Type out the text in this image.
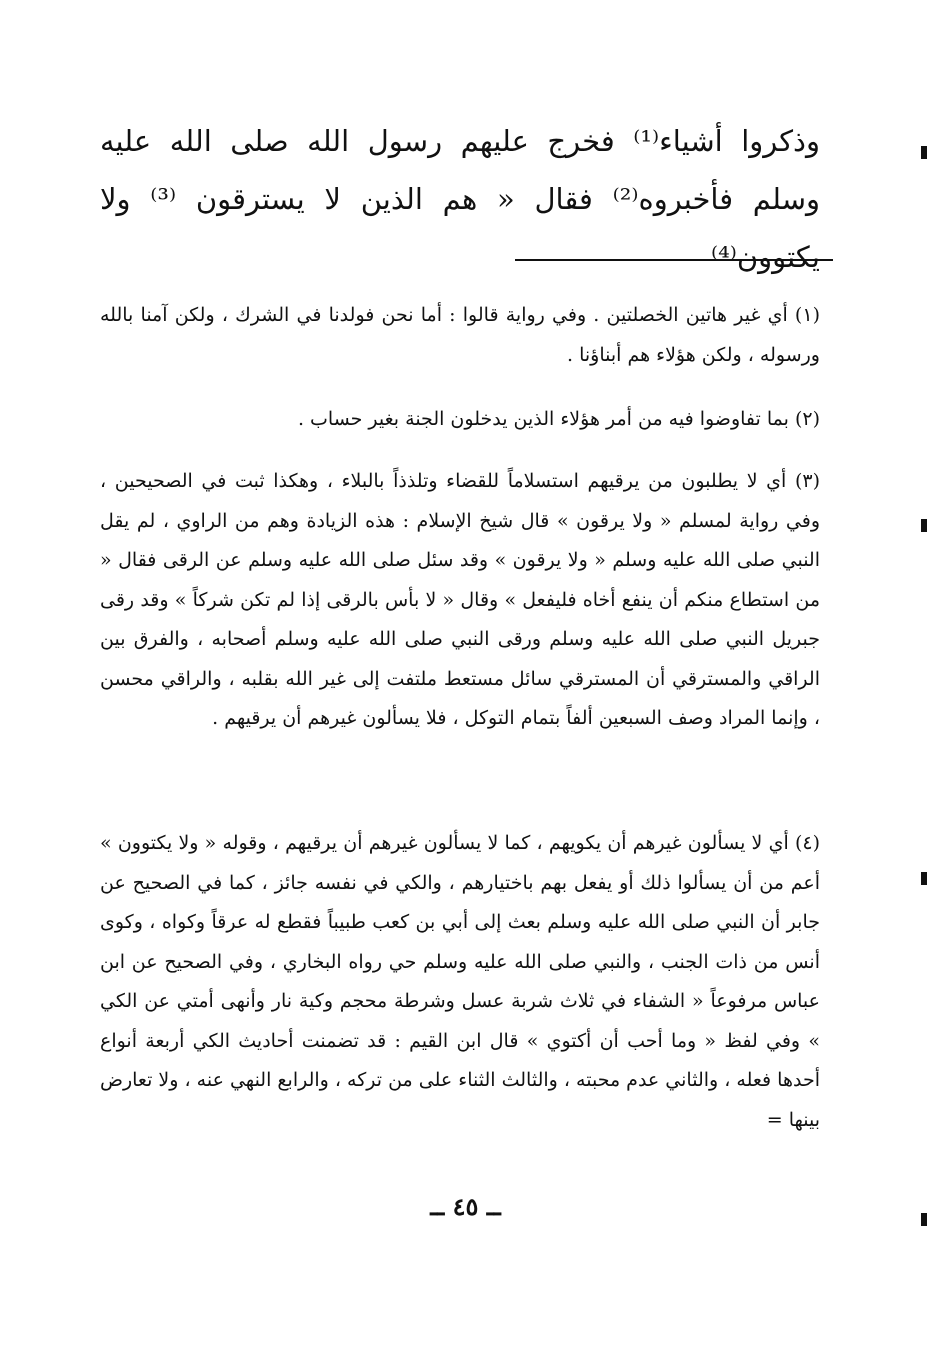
وذكروا أشياء⁽¹⁾ فخرج عليهم رسول الله صلى الله عليه وسلم فأخبروه⁽²⁾ فقال « هم الذين لا يسترقون ⁽³⁾ ولا يكتوون⁽⁴⁾

(١) أي غير هاتين الخصلتين . وفي رواية قالوا : أما نحن فولدنا في الشرك ، ولكن آمنا بالله ورسوله ، ولكن هؤلاء هم أبناؤنا .

(٢) بما تفاوضوا فيه من أمر هؤلاء الذين يدخلون الجنة بغير حساب .

(٣) أي لا يطلبون من يرقيهم استسلاماً للقضاء وتلذذاً بالبلاء ، وهكذا ثبت في الصحيحين ، وفي رواية لمسلم « ولا يرقون » قال شيخ الإسلام : هذه الزيادة وهم من الراوي ، لم يقل النبي صلى الله عليه وسلم « ولا يرقون » وقد سئل صلى الله عليه وسلم عن الرقى فقال « من استطاع منكم أن ينفع أخاه فليفعل » وقال « لا بأس بالرقى إذا لم تكن شركاً » وقد رقى جبريل النبي صلى الله عليه وسلم ورقى النبي صلى الله عليه وسلم أصحابه ، والفرق بين الراقي والمسترقي أن المسترقي سائل مستعط ملتفت إلى غير الله بقلبه ، والراقي محسن ، وإنما المراد وصف السبعين ألفاً بتمام التوكل ، فلا يسألون غيرهم أن يرقيهم .

(٤) أي لا يسألون غيرهم أن يكويهم ، كما لا يسألون غيرهم أن يرقيهم ، وقوله « ولا يكتوون » أعم من أن يسألوا ذلك أو يفعل بهم باختيارهم ، والكي في نفسه جائز ، كما في الصحيح عن جابر أن النبي صلى الله عليه وسلم بعث إلى أبي بن كعب طبيباً فقطع له عرقاً وكواه ، وكوى أنس من ذات الجنب ، والنبي صلى الله عليه وسلم حي رواه البخاري ، وفي الصحيح عن ابن عباس مرفوعاً « الشفاء في ثلاث شربة عسل وشرطة محجم وكية نار وأنهى أمتي عن الكي » وفي لفظ « وما أحب أن أكتوي » قال ابن القيم : قد تضمنت أحاديث الكي أربعة أنواع أحدها فعله ، والثاني عدم محبته ، والثالث الثناء على من تركه ، والرابع النهي عنه ، ولا تعارض بينها =

ــ ٤٥ ــ
